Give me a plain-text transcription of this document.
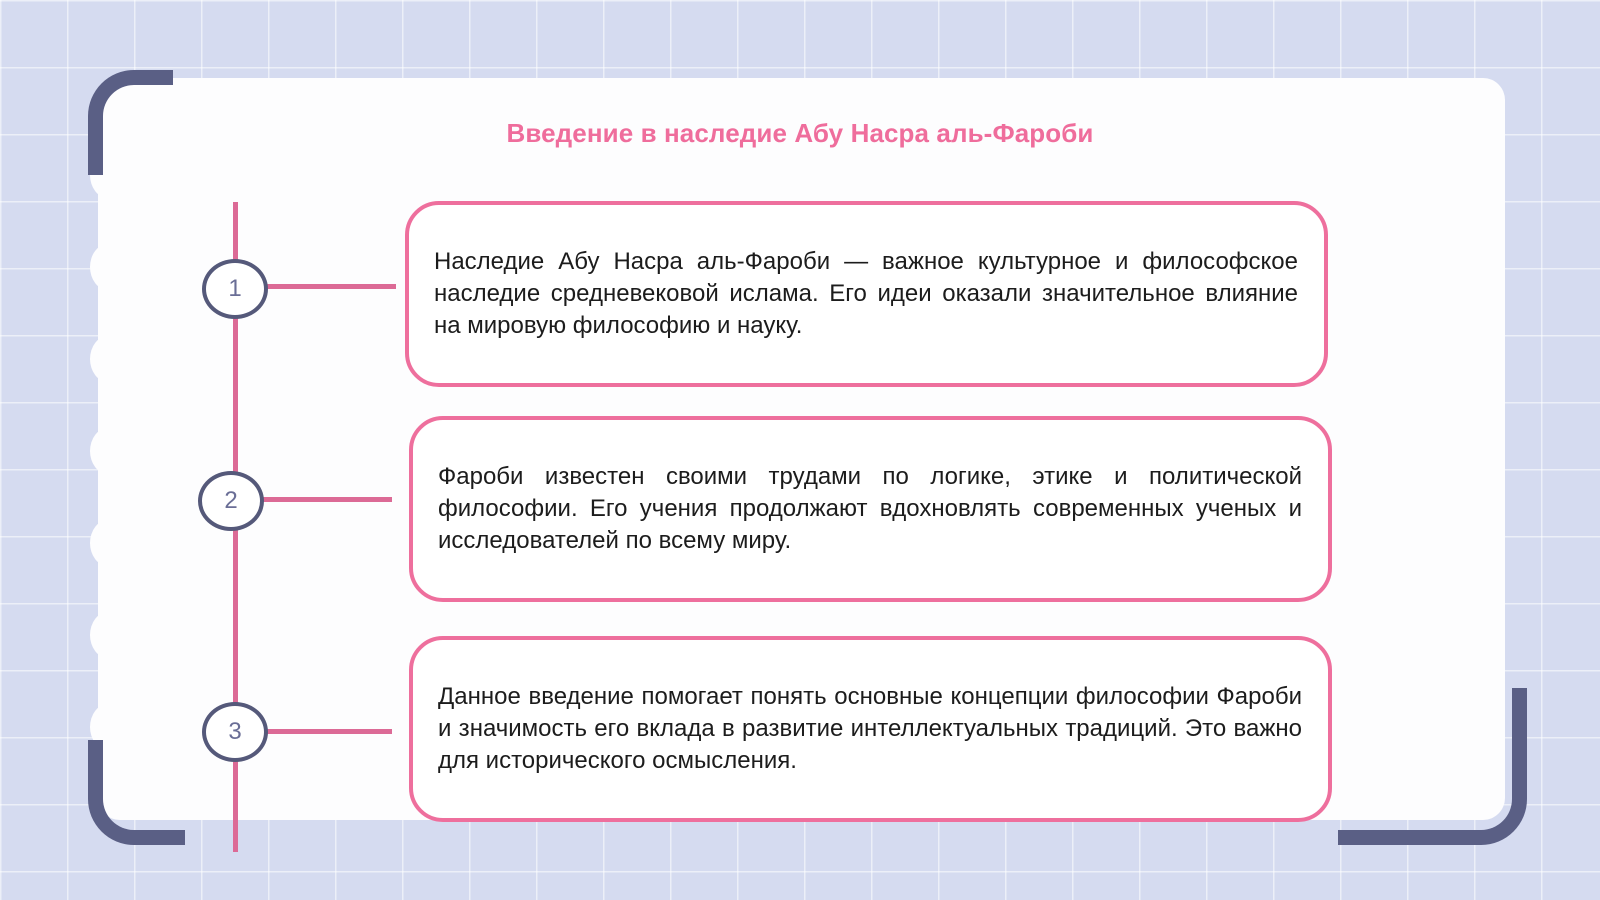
Введение в наследие Абу Насра аль-Фароби
1
2
3

Наследие Абу Насра аль-Фароби — важное культурное и философское наследие средневековой ислама. Его идеи оказали значительное влияние на мировую философию и науку.

Фароби известен своими трудами по логике, этике и политической философии. Его учения продолжают вдохновлять современных ученых и исследователей по всему миру.

Данное введение помогает понять основные концепции философии Фароби и значимость его вклада в развитие интеллектуальных традиций. Это важно для исторического осмысления.
